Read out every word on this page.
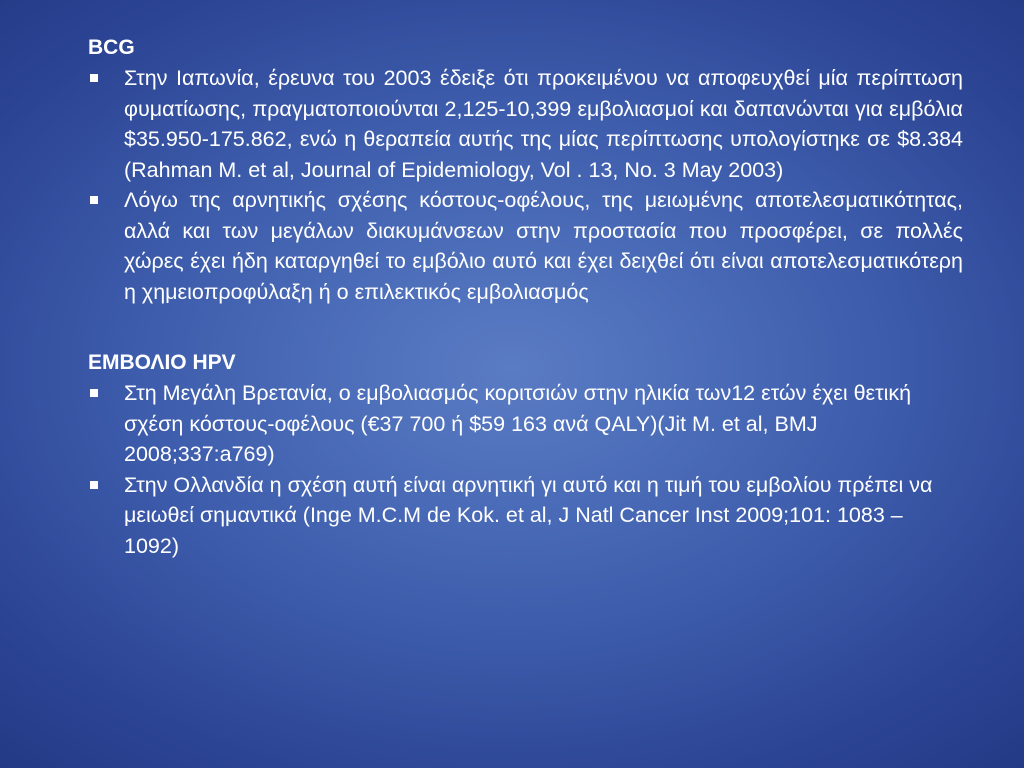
BCG

Στην Ιαπωνία, έρευνα του 2003 έδειξε ότι προκειμένου να αποφευχθεί μία περίπτωση φυματίωσης, πραγματοποιούνται 2,125-10,399 εμβολιασμοί και δαπανώνται για εμβόλια $35.950-175.862, ενώ η θεραπεία αυτής της μίας περίπτωσης υπολογίστηκε σε $8.384 (Rahman M. et al, Journal of Epidemiology, Vol . 13, No. 3 May 2003)
Λόγω της αρνητικής σχέσης κόστους-οφέλους, της μειωμένης αποτελεσματικότητας, αλλά και των μεγάλων διακυμάνσεων στην προστασία που προσφέρει, σε πολλές χώρες έχει ήδη καταργηθεί το εμβόλιο αυτό και έχει δειχθεί ότι είναι αποτελεσματικότερη η χημειοπροφύλαξη ή ο επιλεκτικός εμβολιασμός

ΕΜΒΟΛΙΟ HPV

Στη Μεγάλη Βρετανία, ο εμβολιασμός κοριτσιών στην ηλικία των12 ετών έχει θετική σχέση κόστους-οφέλους (€37 700 ή $59 163 ανά QALY)(Jit M. et al, BMJ 2008;337:a769)
Στην Ολλανδία η σχέση αυτή είναι αρνητική γι αυτό και η τιμή του εμβολίου πρέπει να μειωθεί σημαντικά (Inge M.C.M de Kok. et al, J Natl Cancer Inst 2009;101: 1083 – 1092)
